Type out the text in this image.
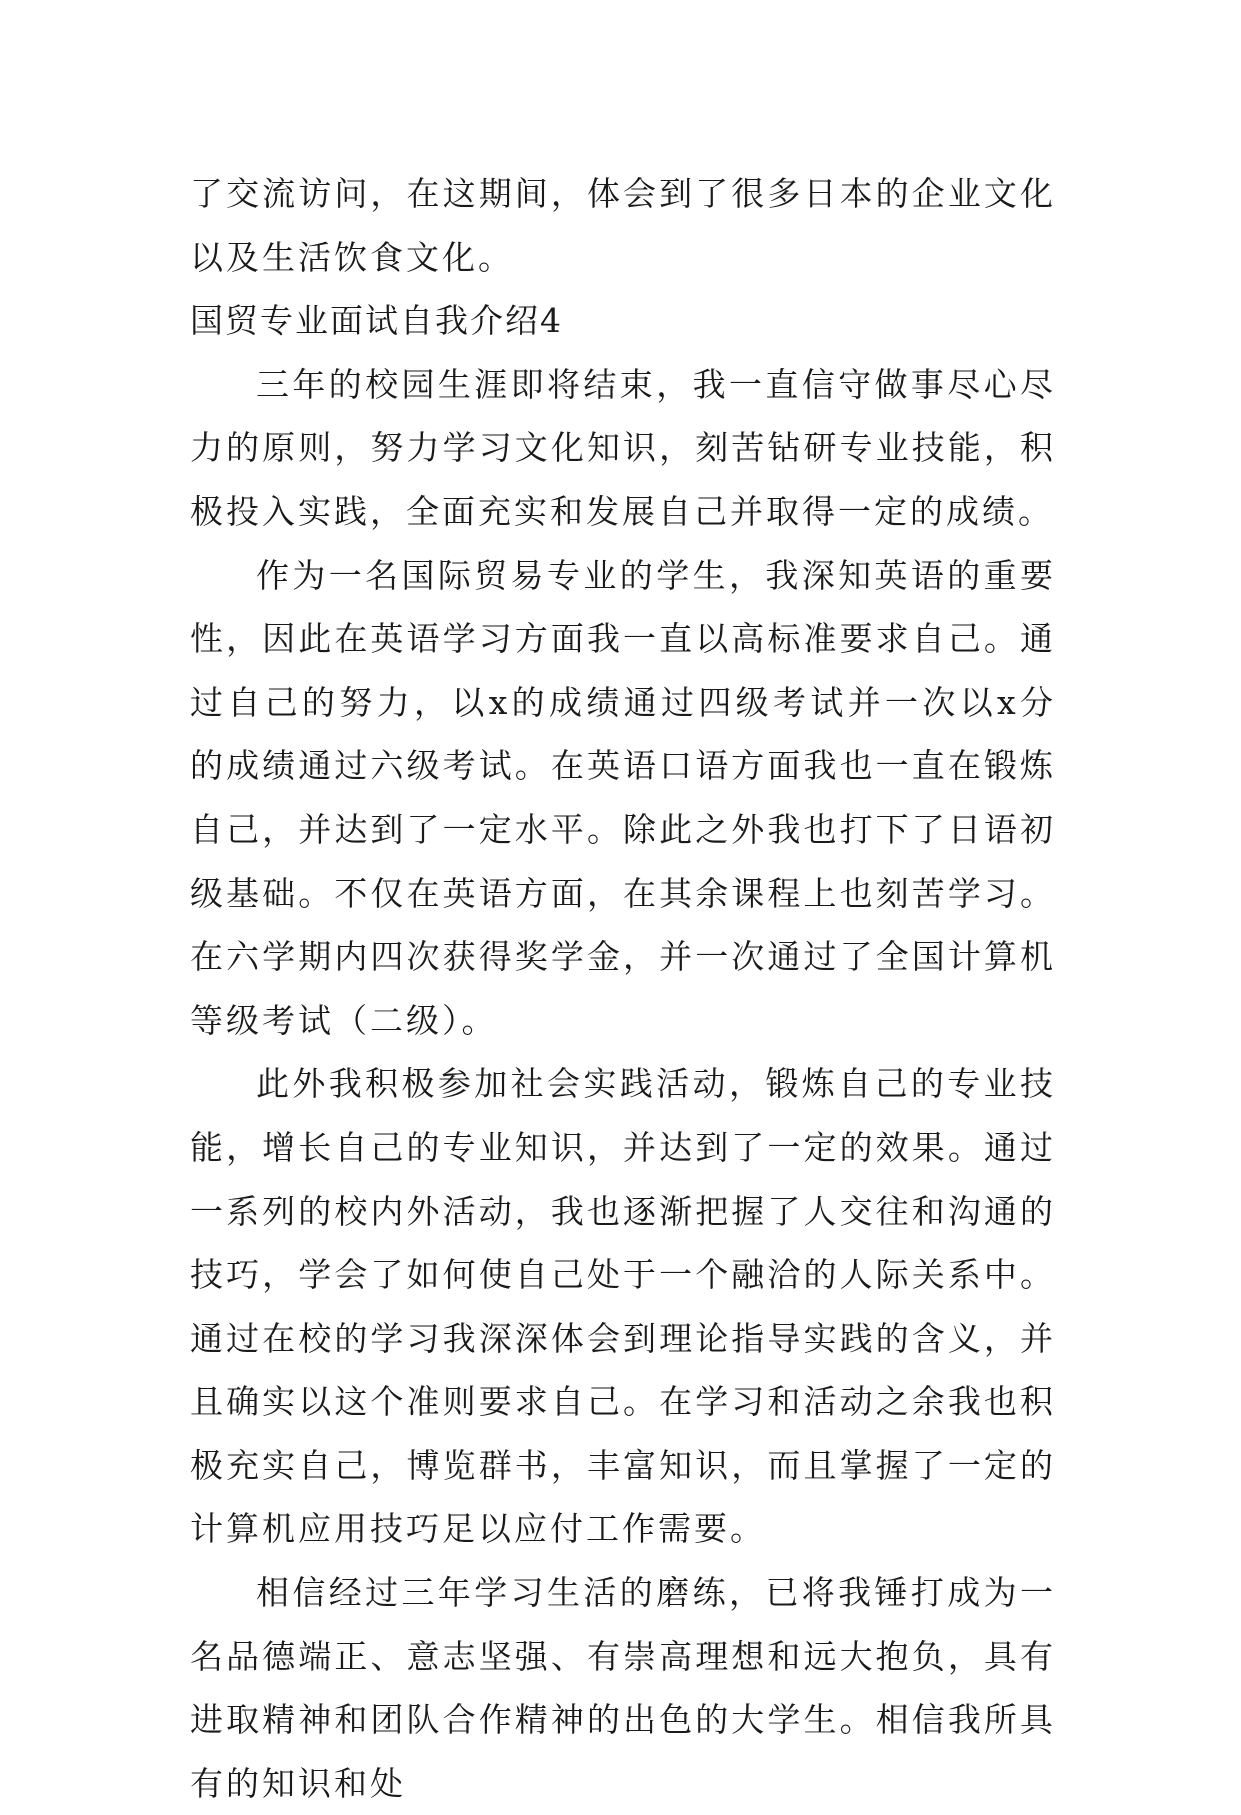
了交流访问，在这期间，体会到了很多日本的企业文化以及生活饮食文化。

国贸专业面试自我介绍4

三年的校园生涯即将结束，我一直信守做事尽心尽力的原则，努力学习文化知识，刻苦钻研专业技能，积极投入实践，全面充实和发展自己并取得一定的成绩。

作为一名国际贸易专业的学生，我深知英语的重要性，因此在英语学习方面我一直以高标准要求自己。通过自己的努力，以x的成绩通过四级考试并一次以x分的成绩通过六级考试。在英语口语方面我也一直在锻炼自己，并达到了一定水平。除此之外我也打下了日语初级基础。不仅在英语方面，在其余课程上也刻苦学习。在六学期内四次获得奖学金，并一次通过了全国计算机等级考试（二级）。

此外我积极参加社会实践活动，锻炼自己的专业技能，增长自己的专业知识，并达到了一定的效果。通过一系列的校内外活动，我也逐渐把握了人交往和沟通的技巧，学会了如何使自己处于一个融洽的人际关系中。通过在校的学习我深深体会到理论指导实践的含义，并且确实以这个准则要求自己。在学习和活动之余我也积极充实自己，博览群书，丰富知识，而且掌握了一定的计算机应用技巧足以应付工作需要。

相信经过三年学习生活的磨练，已将我锤打成为一名品德端正、意志坚强、有崇高理想和远大抱负，具有进取精神和团队合作精神的出色的大学生。相信我所具有的知识和处
